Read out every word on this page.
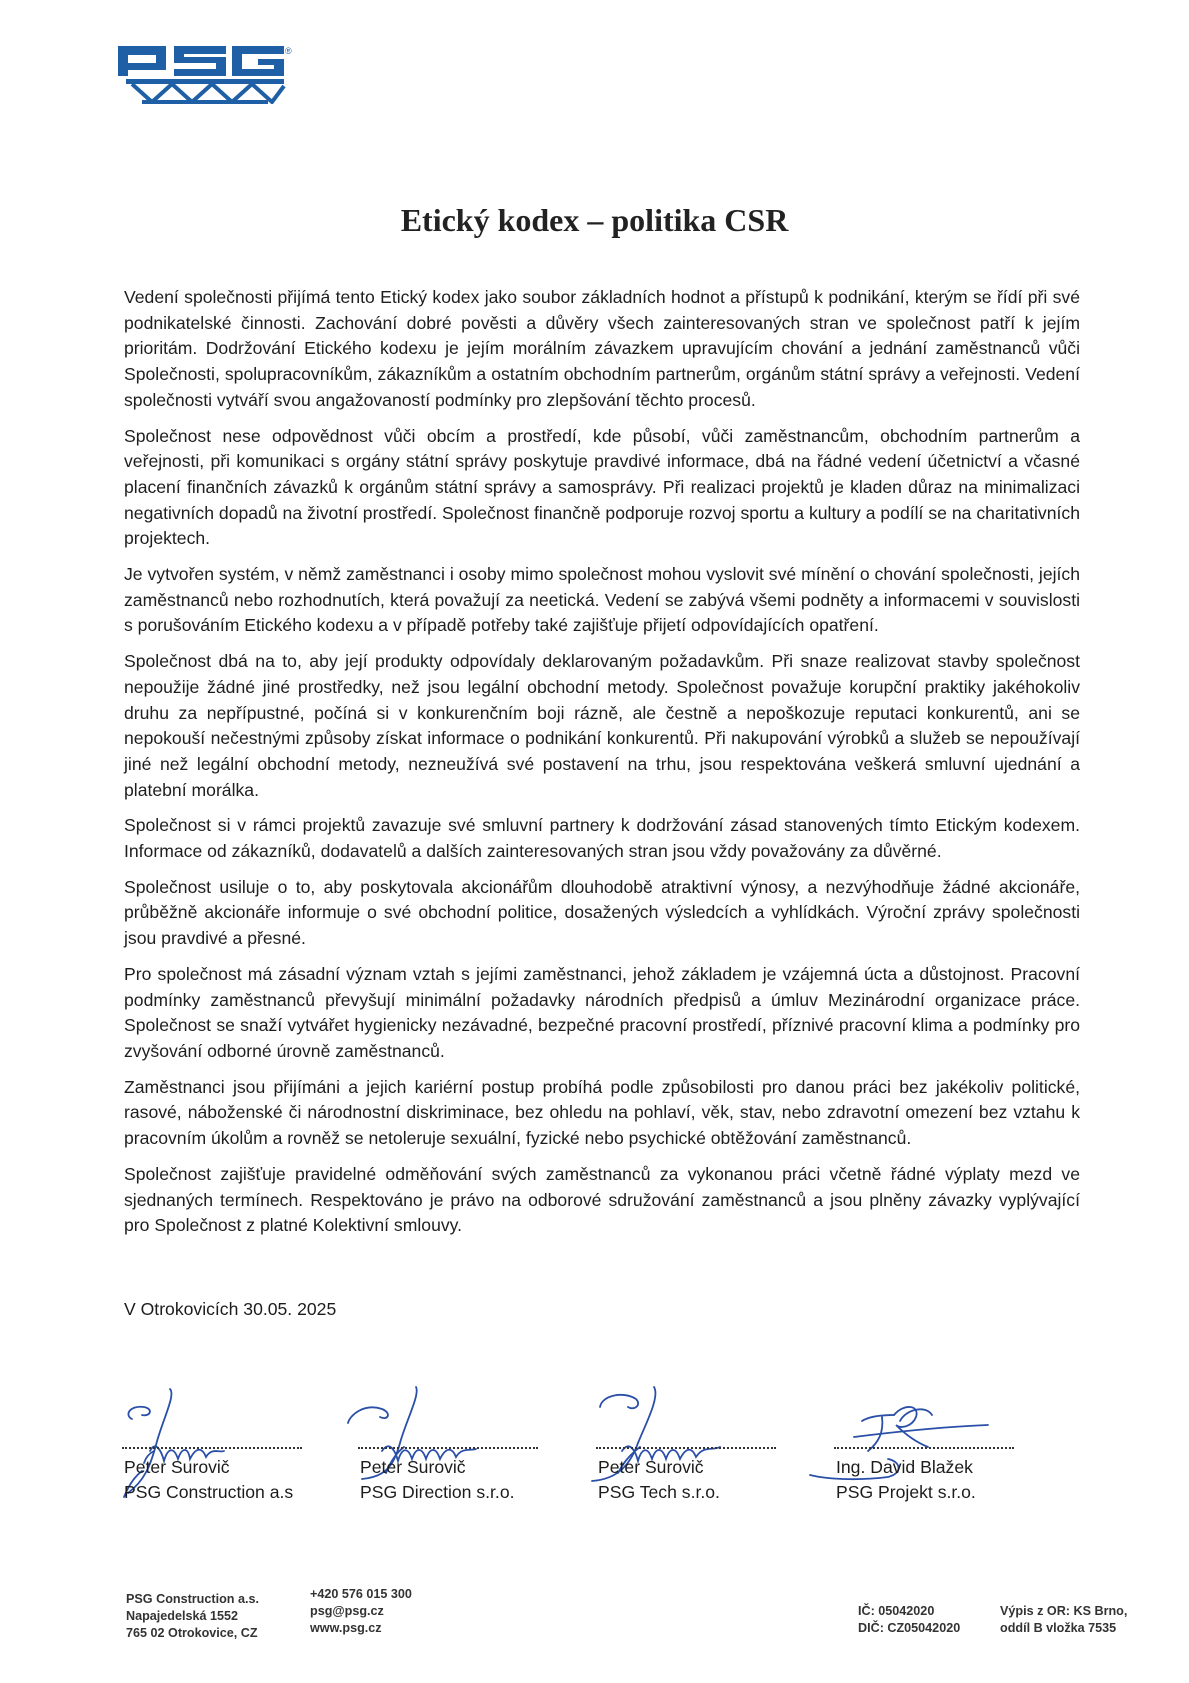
®
Etický kodex – politika CSR

Vedení společnosti přijímá tento Etický kodex jako soubor základních hodnot a přístupů k podnikání, kterým se řídí při své podnikatelské činnosti. Zachování dobré pověsti a důvěry všech zainteresovaných stran ve společnost patří k jejím prioritám. Dodržování Etického kodexu je jejím morálním závazkem upravujícím chování a jednání zaměstnanců vůči Společnosti, spolupracovníkům, zákazníkům a ostatním obchodním partnerům, orgánům státní správy a veřejnosti. Vedení společnosti vytváří svou angažovaností podmínky pro zlepšování těchto procesů.

Společnost nese odpovědnost vůči obcím a prostředí, kde působí, vůči zaměstnancům, obchodním partnerům a veřejnosti, při komunikaci s orgány státní správy poskytuje pravdivé informace, dbá na řádné vedení účetnictví a včasné placení finančních závazků k orgánům státní správy a samosprávy. Při realizaci projektů je kladen důraz na minimalizaci negativních dopadů na životní prostředí. Společnost finančně podporuje rozvoj sportu a kultury a podílí se na charitativních projektech.

Je vytvořen systém, v němž zaměstnanci i osoby mimo společnost mohou vyslovit své mínění o chování společnosti, jejích zaměstnanců nebo rozhodnutích, která považují za neetická. Vedení se zabývá všemi podněty a informacemi v souvislosti s porušováním Etického kodexu a v případě potřeby také zajišťuje přijetí odpovídajících opatření.

Společnost dbá na to, aby její produkty odpovídaly deklarovaným požadavkům. Při snaze realizovat stavby společnost nepoužije žádné jiné prostředky, než jsou legální obchodní metody. Společnost považuje korupční praktiky jakéhokoliv druhu za nepřípustné, počíná si v konkurenčním boji rázně, ale čestně a nepoškozuje reputaci konkurentů, ani se nepokouší nečestnými způsoby získat informace o podnikání konkurentů. Při nakupování výrobků a služeb se nepoužívají jiné než legální obchodní metody, nezneužívá své postavení na trhu, jsou respektována veškerá smluvní ujednání a platební morálka.

Společnost si v rámci projektů zavazuje své smluvní partnery k dodržování zásad stanovených tímto Etickým kodexem. Informace od zákazníků, dodavatelů a dalších zainteresovaných stran jsou vždy považovány za důvěrné.

Společnost usiluje o to, aby poskytovala akcionářům dlouhodobě atraktivní výnosy, a nezvýhodňuje žádné akcionáře, průběžně akcionáře informuje o své obchodní politice, dosažených výsledcích a vyhlídkách. Výroční zprávy společnosti jsou pravdivé a přesné.

Pro společnost má zásadní význam vztah s jejími zaměstnanci, jehož základem je vzájemná úcta a důstojnost. Pracovní podmínky zaměstnanců převyšují minimální požadavky národních předpisů a úmluv Mezinárodní organizace práce. Společnost se snaží vytvářet hygienicky nezávadné, bezpečné pracovní prostředí, příznivé pracovní klima a podmínky pro zvyšování odborné úrovně zaměstnanců.

Zaměstnanci jsou přijímáni a jejich kariérní postup probíhá podle způsobilosti pro danou práci bez jakékoliv politické, rasové, náboženské či národnostní diskriminace, bez ohledu na pohlaví, věk, stav, nebo zdravotní omezení bez vztahu k pracovním úkolům a rovněž se netoleruje sexuální, fyzické nebo psychické obtěžování zaměstnanců.

Společnost zajišťuje pravidelné odměňování svých zaměstnanců za vykonanou práci včetně řádné výplaty mezd ve sjednaných termínech. Respektováno je právo na odborové sdružování zaměstnanců a jsou plněny závazky vyplývající pro Společnost z platné Kolektivní smlouvy.

V Otrokovicích 30.05. 2025
Peter Surovič
PSG Construction a.s
Peter Surovič
PSG Direction s.r.o.
Peter Surovič
PSG Tech s.r.o.
Ing. David Blažek
PSG Projekt s.r.o.
PSG Construction a.s.
Napajedelská 1552
765 02 Otrokovice, CZ
+420 576 015 300
psg@psg.cz
www.psg.cz
IČ: 05042020
DIČ: CZ05042020
Výpis z OR: KS Brno,
oddíl B vložka 7535
